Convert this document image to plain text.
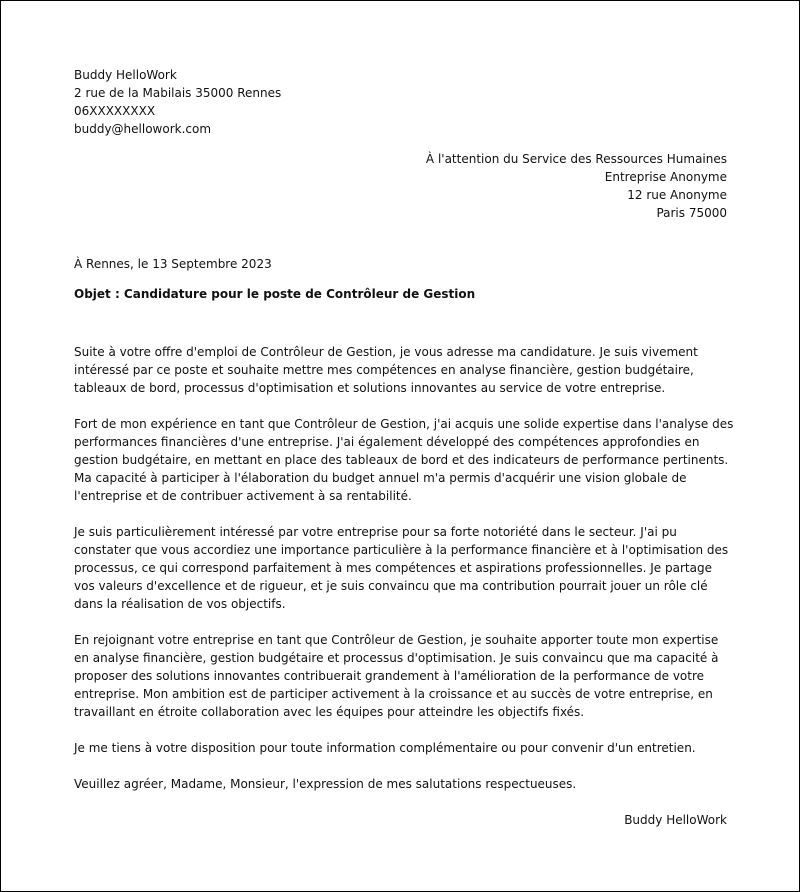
Buddy HelloWork
2 rue de la Mabilais 35000 Rennes
06XXXXXXXX
buddy@hellowork.com
À l'attention du Service des Ressources Humaines
Entreprise Anonyme
12 rue Anonyme
Paris 75000
À Rennes, le 13 Septembre 2023
Objet : Candidature pour le poste de Contrôleur de Gestion

Suite à votre offre d'emploi de Contrôleur de Gestion, je vous adresse ma candidature. Je suis vivement intéressé par ce poste et souhaite mettre mes compétences en analyse financière, gestion budgétaire, tableaux de bord, processus d'optimisation et solutions innovantes au service de votre entreprise.

Fort de mon expérience en tant que Contrôleur de Gestion, j'ai acquis une solide expertise dans l'analyse des performances financières d'une entreprise. J'ai également développé des compétences approfondies en gestion budgétaire, en mettant en place des tableaux de bord et des indicateurs de performance pertinents. Ma capacité à participer à l'élaboration du budget annuel m'a permis d'acquérir une vision globale de l'entreprise et de contribuer activement à sa rentabilité.

Je suis particulièrement intéressé par votre entreprise pour sa forte notoriété dans le secteur. J'ai pu constater que vous accordiez une importance particulière à la performance financière et à l'optimisation des processus, ce qui correspond parfaitement à mes compétences et aspirations professionnelles. Je partage vos valeurs d'excellence et de rigueur, et je suis convaincu que ma contribution pourrait jouer un rôle clé dans la réalisation de vos objectifs.

En rejoignant votre entreprise en tant que Contrôleur de Gestion, je souhaite apporter toute mon expertise en analyse financière, gestion budgétaire et processus d'optimisation. Je suis convaincu que ma capacité à proposer des solutions innovantes contribuerait grandement à l'amélioration de la performance de votre entreprise. Mon ambition est de participer activement à la croissance et au succès de votre entreprise, en travaillant en étroite collaboration avec les équipes pour atteindre les objectifs fixés.

Je me tiens à votre disposition pour toute information complémentaire ou pour convenir d'un entretien.

Veuillez agréer, Madame, Monsieur, l'expression de mes salutations respectueuses.

Buddy HelloWork
